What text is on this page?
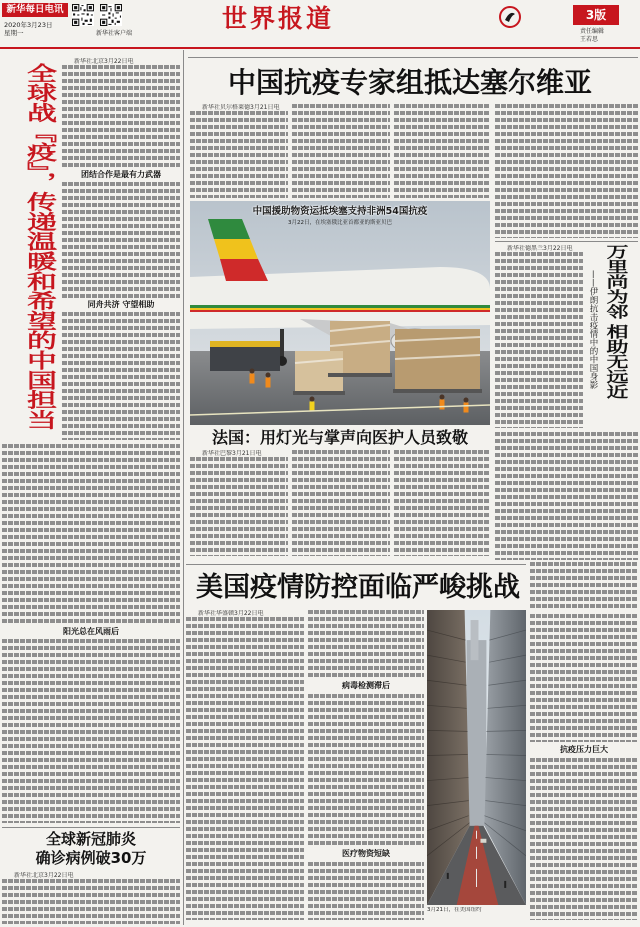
新华每日电讯
2020年3月23日
星期一	新华社客户端
世界报道	3版
责任编辑
王若思
全球战『疫』，传递温暖和希望的中国担当
新华社北京3月22日电
团结合作是最有力武器
同舟共济 守望相助
阳光总在风雨后
全球新冠肺炎
确诊病例破30万
新华社北京3月22日电
中国抗疫专家组抵达塞尔维亚
新华社贝尔格莱德3月21日电
中国援助物资运抵埃塞支持非洲54国抗疫
3月22日，在埃塞俄比亚首都亚的斯亚贝巴
法国：用灯光与掌声向医护人员致敬
新华社巴黎3月21日电
新华社德黑兰3月22日电	万里尚为邻 相助无远近
——伊朗抗击疫情中的中国身影
美国疫情防控面临严峻挑战
新华社华盛顿3月22日电
病毒检测滞后
医疗物资短缺
3月21日，在美国纽约
抗疫压力巨大
